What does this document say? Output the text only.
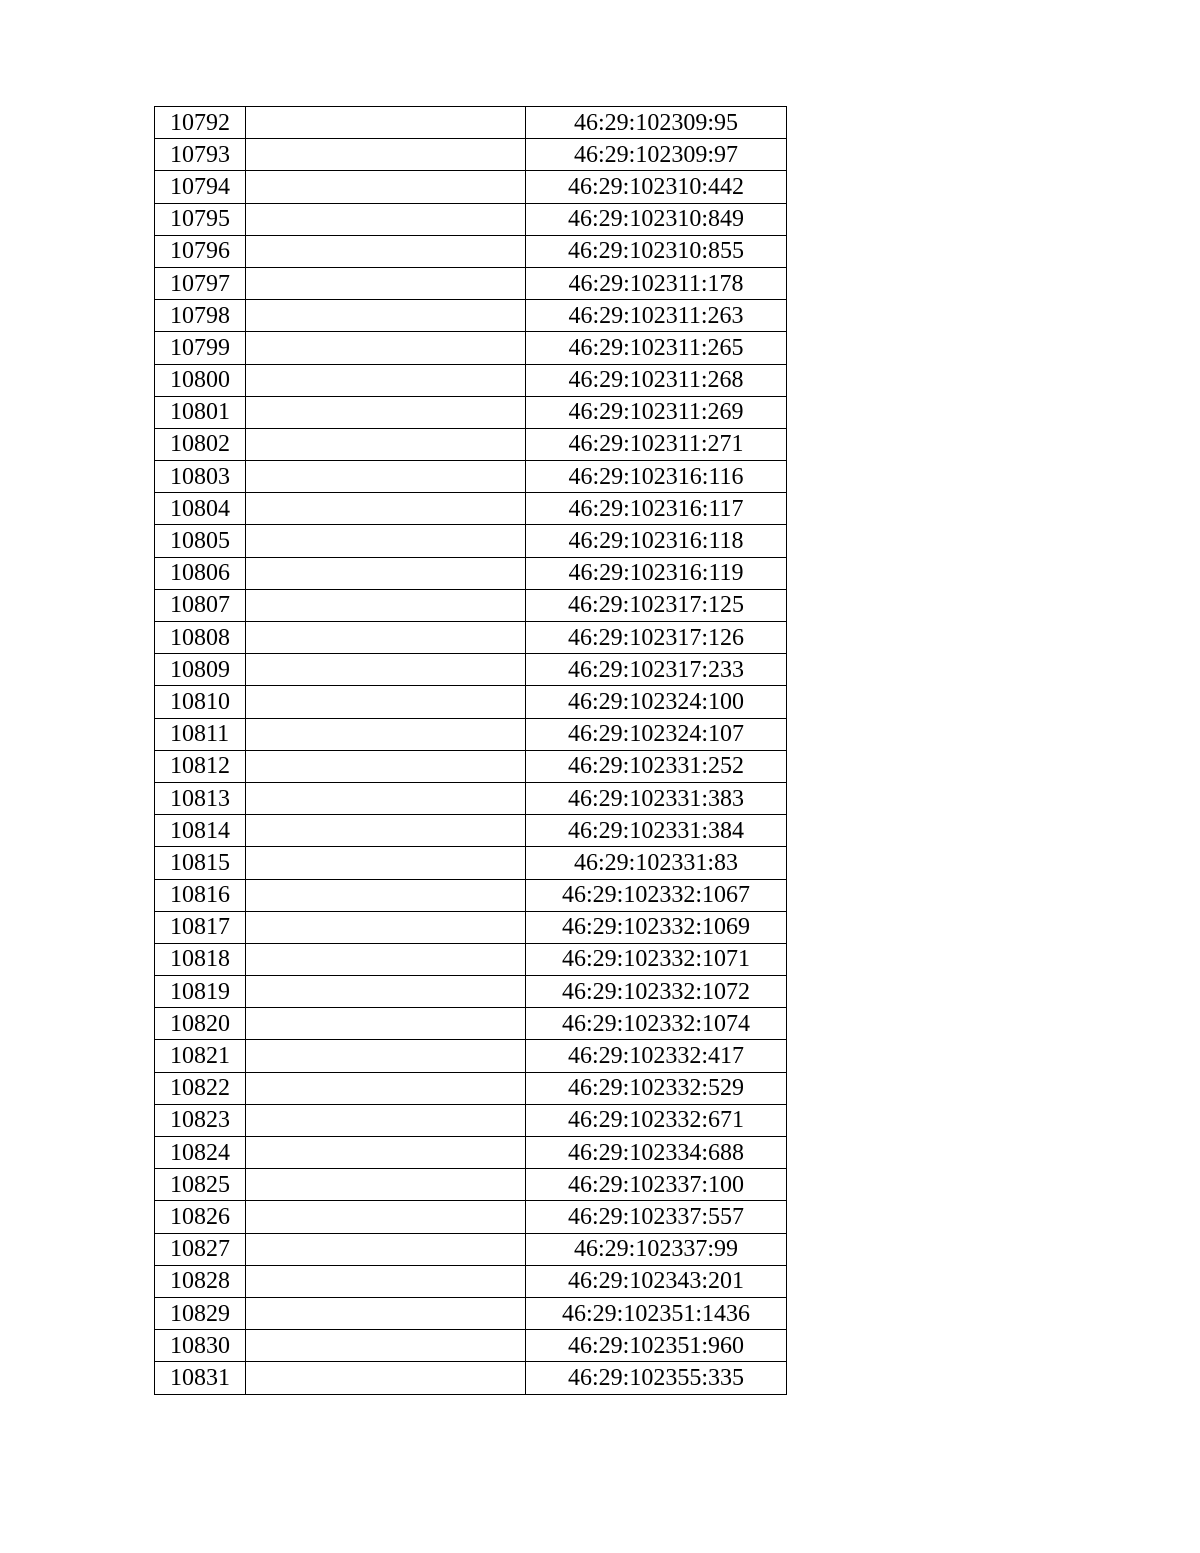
10792		46:29:102309:95
10793		46:29:102309:97
10794		46:29:102310:442
10795		46:29:102310:849
10796		46:29:102310:855
10797		46:29:102311:178
10798		46:29:102311:263
10799		46:29:102311:265
10800		46:29:102311:268
10801		46:29:102311:269
10802		46:29:102311:271
10803		46:29:102316:116
10804		46:29:102316:117
10805		46:29:102316:118
10806		46:29:102316:119
10807		46:29:102317:125
10808		46:29:102317:126
10809		46:29:102317:233
10810		46:29:102324:100
10811		46:29:102324:107
10812		46:29:102331:252
10813		46:29:102331:383
10814		46:29:102331:384
10815		46:29:102331:83
10816		46:29:102332:1067
10817		46:29:102332:1069
10818		46:29:102332:1071
10819		46:29:102332:1072
10820		46:29:102332:1074
10821		46:29:102332:417
10822		46:29:102332:529
10823		46:29:102332:671
10824		46:29:102334:688
10825		46:29:102337:100
10826		46:29:102337:557
10827		46:29:102337:99
10828		46:29:102343:201
10829		46:29:102351:1436
10830		46:29:102351:960
10831		46:29:102355:335
